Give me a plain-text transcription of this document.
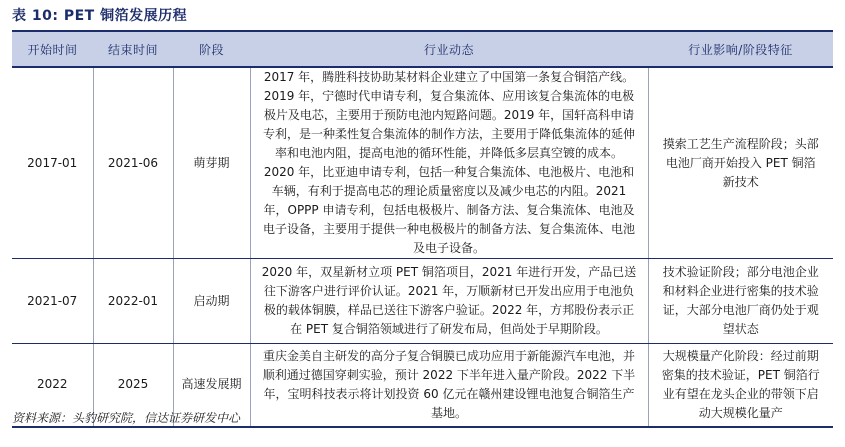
表 10: PET 铜箔发展历程
开始时间	结束时间	阶段	行业动态	行业影响/阶段特征
2017-01	2021-06	萌芽期	2017 年，腾胜科技协助某材料企业建立了中国第一条复合铜箔产线。2019 年，宁德时代申请专利，复合集流体、应用该复合集流体的电极极片及电芯，主要用于预防电池内短路问题。2019 年，国轩高科申请专利，是一种柔性复合集流体的制作方法，主要用于降低集流体的延伸率和电池内阻，提高电池的循环性能，并降低多层真空镀的成本。2020 年，比亚迪申请专利，包括一种复合集流体、电池极片、电池和车辆，有利于提高电芯的理论质量密度以及减少电芯的内阻。2021 年，OPPP 申请专利，包括电极极片、制备方法、复合集流体、电池及电子设备，主要用于提供一种电极极片的制备方法、复合集流体、电池及电子设备。	摸索工艺生产流程阶段；头部电池厂商开始投入 PET 铜箔新技术
2021-07	2022-01	启动期	2020 年，双星新材立项 PET 铜箔项目，2021 年进行开发，产品已送往下游客户进行评价认证。2021 年，万顺新材已开发出应用于电池负极的载体铜膜，样品已送往下游客户验证。2022 年，方邦股份表示正在 PET 复合铜箔领域进行了研发布局，但尚处于早期阶段。	技术验证阶段；部分电池企业和材料企业进行密集的技术验证，大部分电池厂商仍处于观望状态
2022	2025	高速发展期	重庆金美自主研发的高分子复合铜膜已成功应用于新能源汽车电池，并顺利通过德国穿刺实验，预计 2022 下半年进入量产阶段。2022 下半年，宝明科技表示将计划投资 60 亿元在赣州建设锂电池复合铜箔生产基地。	大规模量产化阶段：经过前期密集的技术验证，PET 铜箔行业有望在龙头企业的带领下启动大规模化量产
资料来源：头豹研究院，信达证券研发中心
